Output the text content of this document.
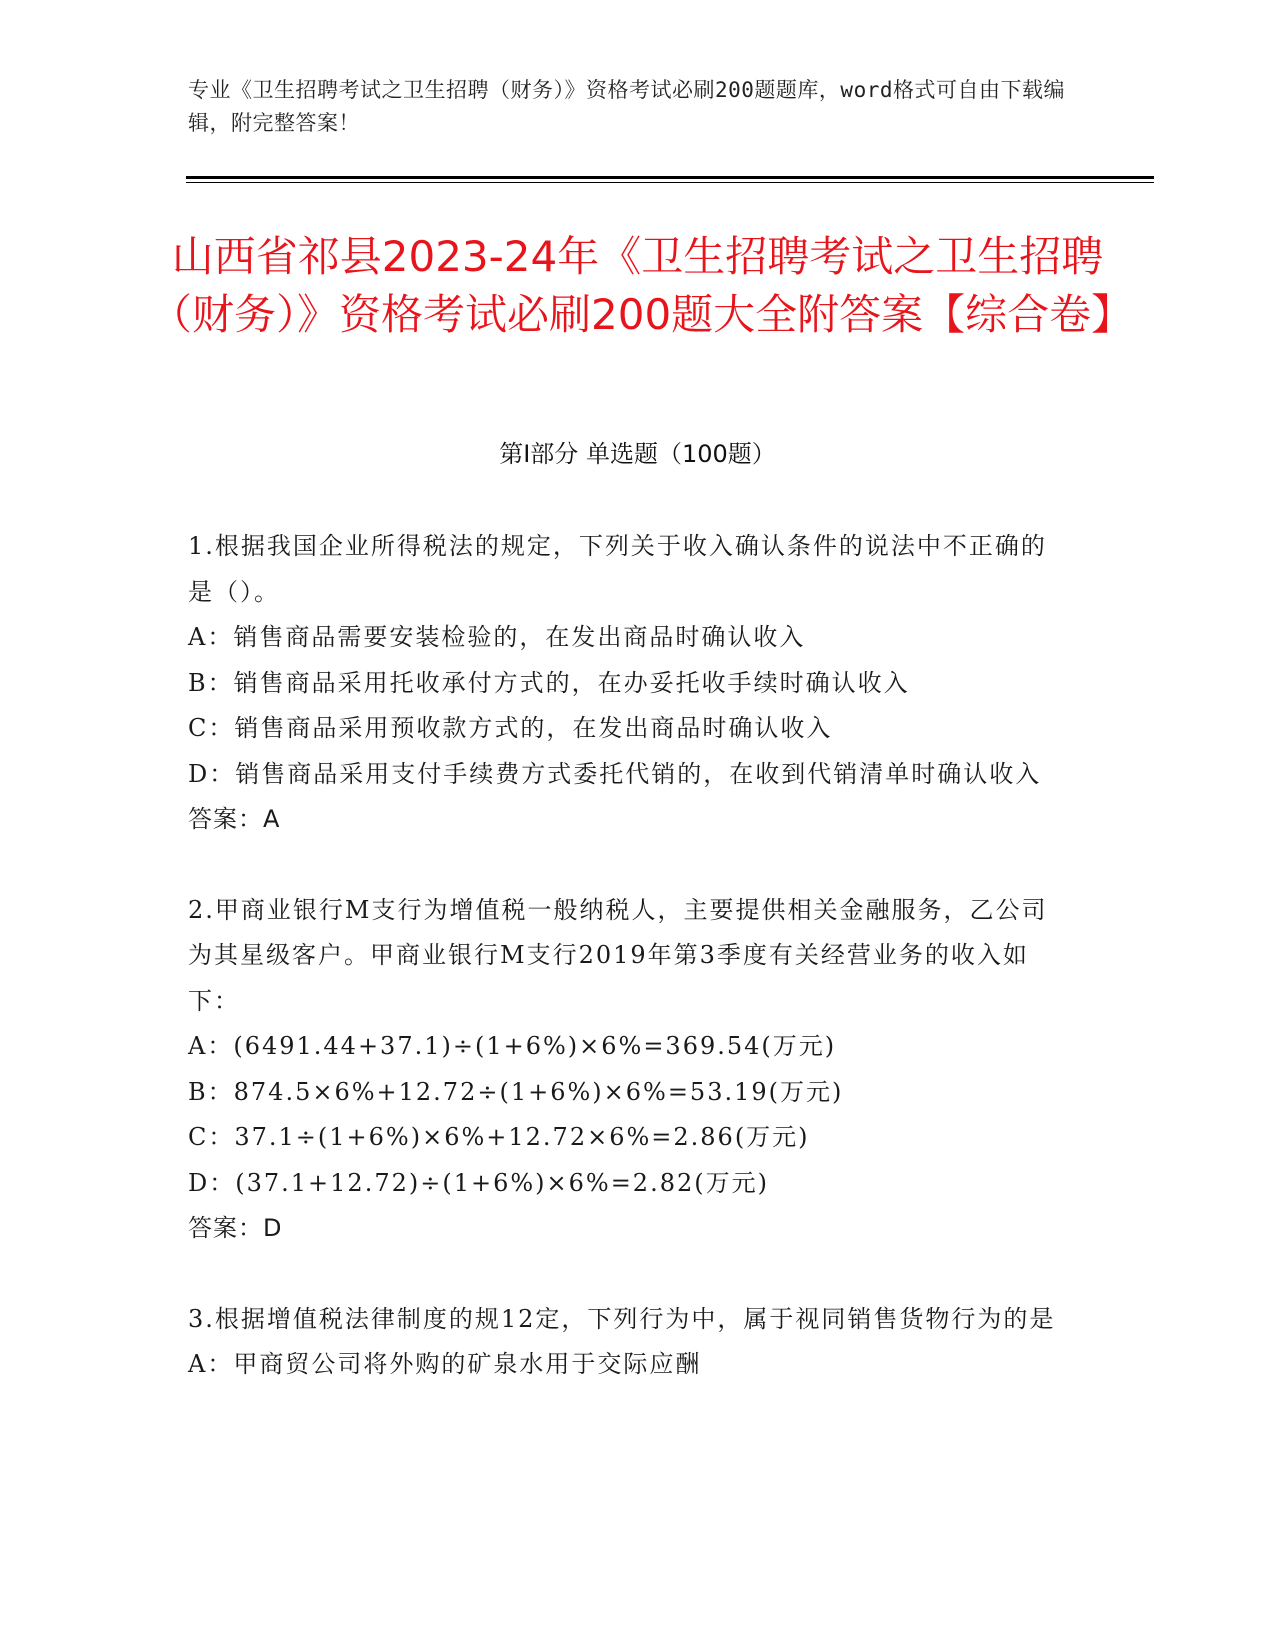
专业《卫生招聘考试之卫生招聘（财务）》资格考试必刷200题题库，word格式可自由下载编辑，附完整答案！
山西省祁县2023-24年《卫生招聘考试之卫生招聘（财务）》资格考试必刷200题大全附答案【综合卷】
第Ⅰ部分 单选题（100题）

1.根据我国企业所得税法的规定，下列关于收入确认条件的说法中不正确的是（）。

A：销售商品需要安装检验的，在发出商品时确认收入

B：销售商品采用托收承付方式的，在办妥托收手续时确认收入

C：销售商品采用预收款方式的，在发出商品时确认收入

D：销售商品采用支付手续费方式委托代销的，在收到代销清单时确认收入

答案：A

2.甲商业银行M支行为增值税一般纳税人，主要提供相关金融服务，乙公司为其星级客户。甲商业银行M支行2019年第3季度有关经营业务的收入如下：

A：(6491.44+37.1)÷(1+6%)×6%=369.54(万元)

B：874.5×6%+12.72÷(1+6%)×6%=53.19(万元)

C：37.1÷(1+6%)×6%+12.72×6%=2.86(万元)

D：(37.1+12.72)÷(1+6%)×6%=2.82(万元)

答案：D

3.根据增值税法律制度的规12定，下列行为中，属于视同销售货物行为的是

A：甲商贸公司将外购的矿泉水用于交际应酬
